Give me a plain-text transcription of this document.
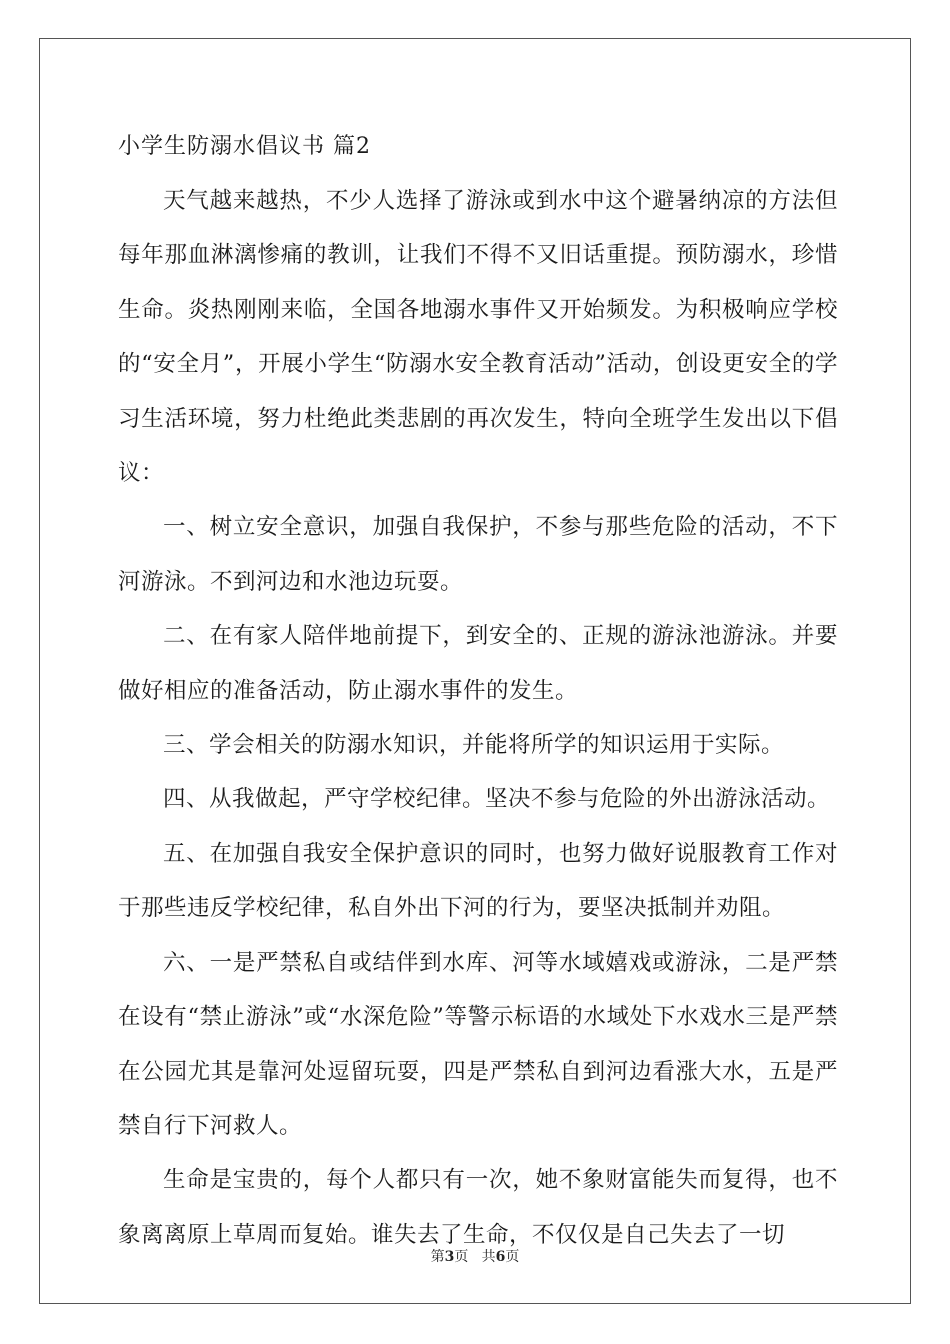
小学生防溺水倡议书 篇2

天气越来越热，不少人选择了游泳或到水中这个避暑纳凉的方法但每年那血淋漓惨痛的教训，让我们不得不又旧话重提。预防溺水，珍惜生命。炎热刚刚来临，全国各地溺水事件又开始频发。为积极响应学校的“安全月”，开展小学生“防溺水安全教育活动”活动，创设更安全的学习生活环境，努力杜绝此类悲剧的再次发生，特向全班学生发出以下倡议：

一、树立安全意识，加强自我保护，不参与那些危险的活动，不下河游泳。不到河边和水池边玩耍。

二、在有家人陪伴地前提下，到安全的、正规的游泳池游泳。并要做好相应的准备活动，防止溺水事件的发生。

三、学会相关的防溺水知识，并能将所学的知识运用于实际。

四、从我做起，严守学校纪律。坚决不参与危险的外出游泳活动。

五、在加强自我安全保护意识的同时，也努力做好说服教育工作对于那些违反学校纪律，私自外出下河的行为，要坚决抵制并劝阻。

六、一是严禁私自或结伴到水库、河等水域嬉戏或游泳，二是严禁在设有“禁止游泳”或“水深危险”等警示标语的水域处下水戏水三是严禁在公园尤其是靠河处逗留玩耍，四是严禁私自到河边看涨大水，五是严禁自行下河救人。

生命是宝贵的，每个人都只有一次，她不象财富能失而复得，也不象离离原上草周而复始。谁失去了生命，不仅仅是自己失去了一切

第3页 共6页
